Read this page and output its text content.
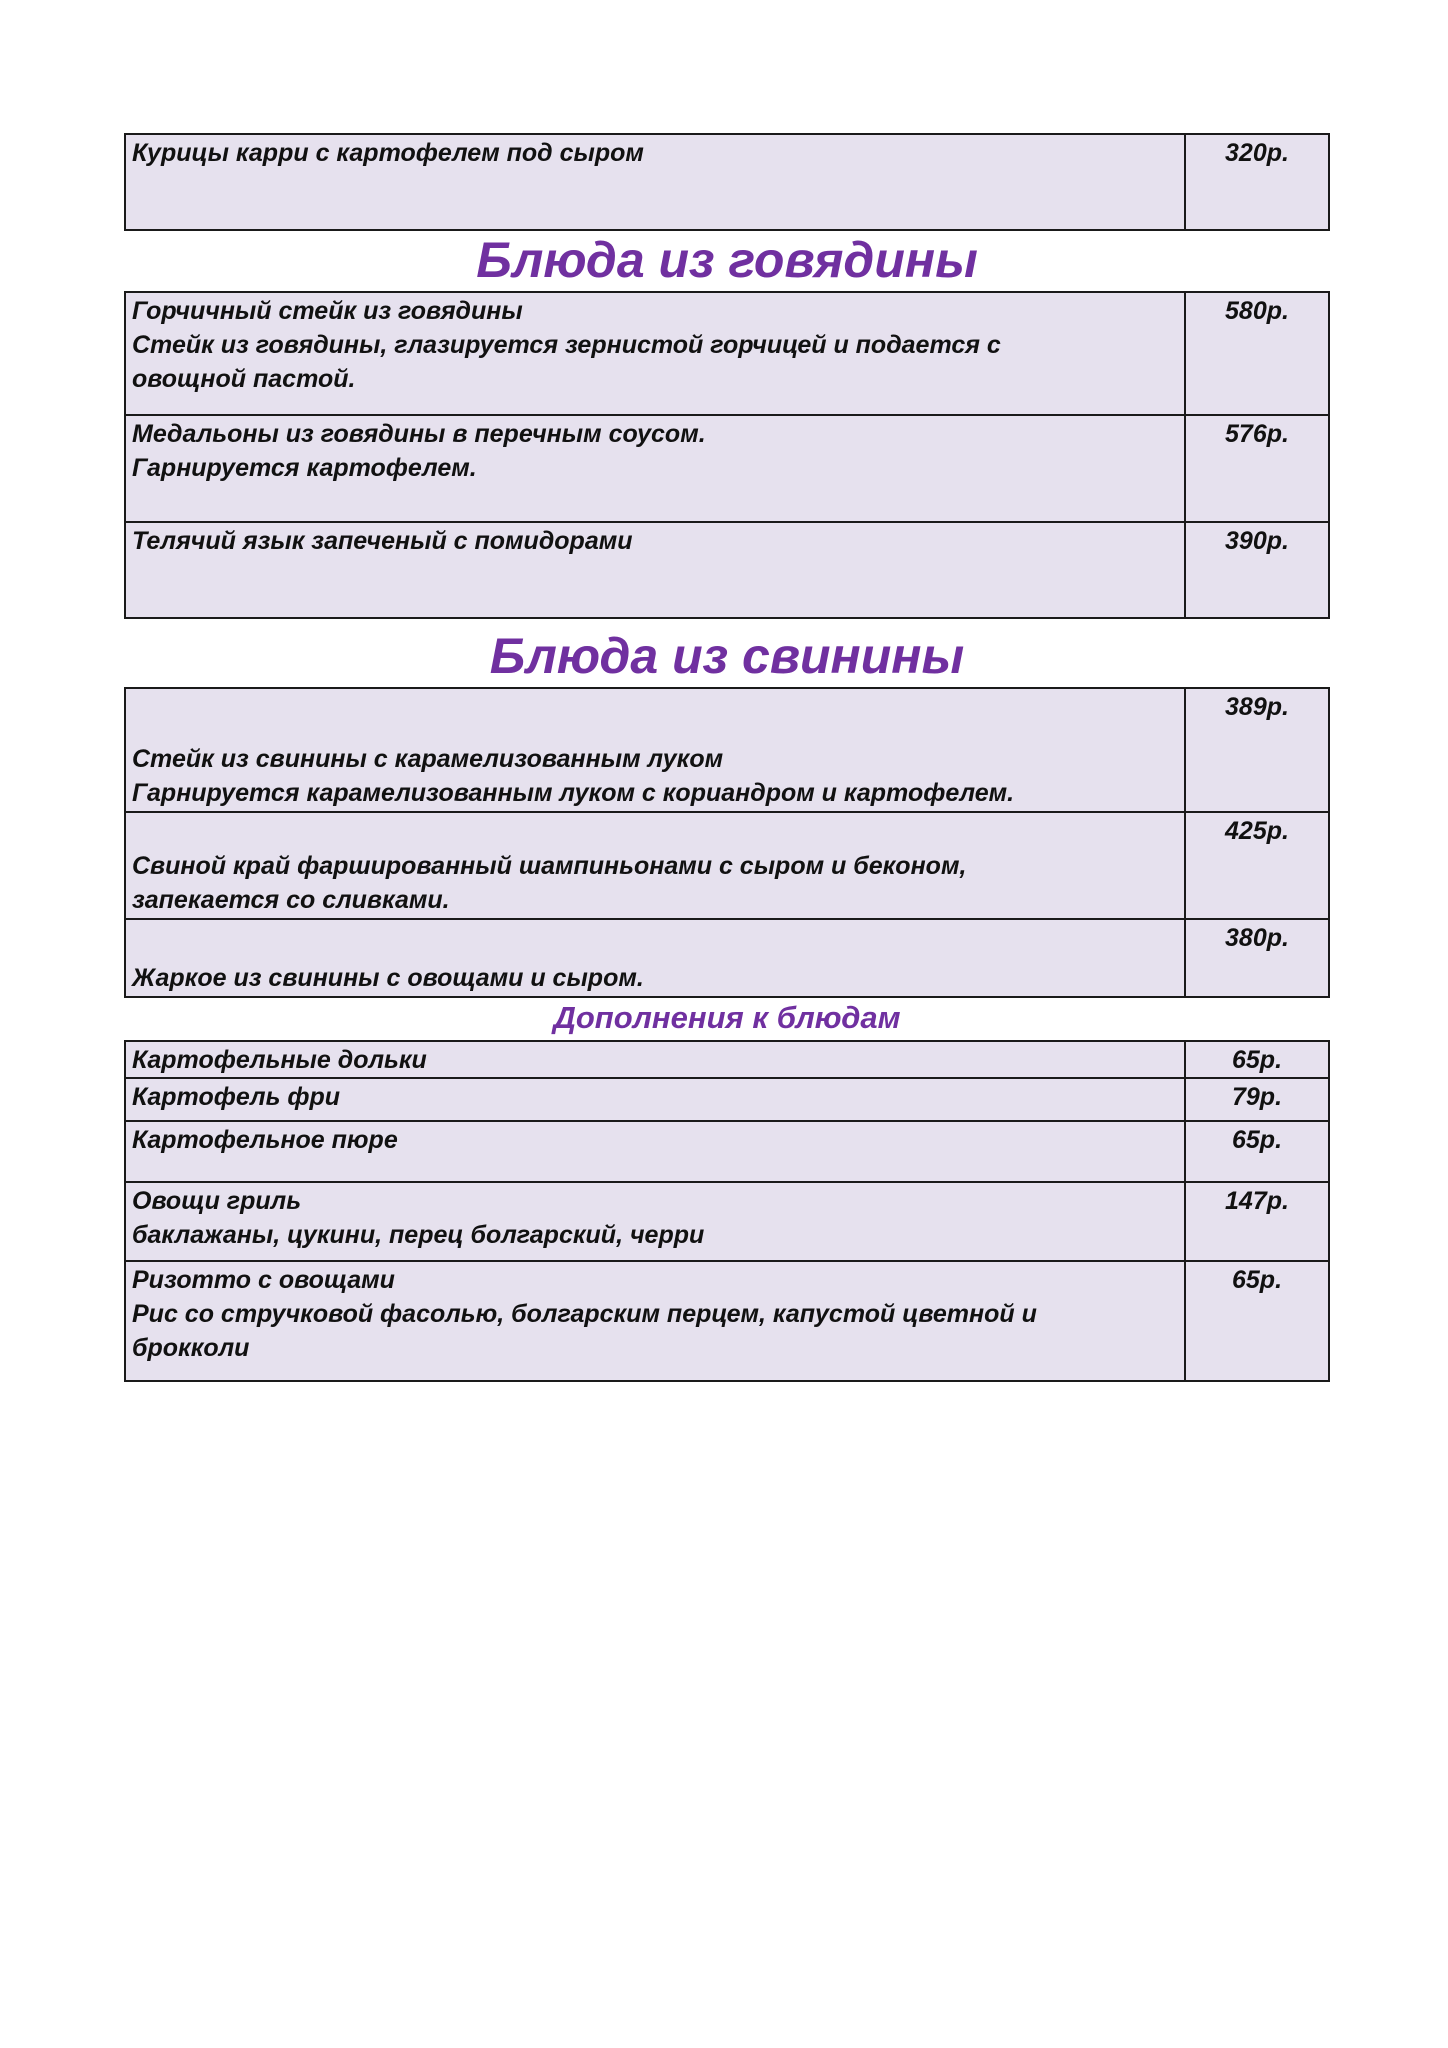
Курицы карри с картофелем под сыром	320р.
Блюда из говядины
Горчичный стейк из говядины
Стейк из говядины, глазируется зернистой горчицей и подается с
овощной пастой.	580р.

Медальоны из говядины в перечным соусом.
Гарнируется картофелем.	576р.

Телячий язык запеченый с помидорами	390р.
Блюда из свинины
Стейк из свинины с карамелизованным луком
Гарнируется карамелизованным луком с кориандром и картофелем.	389р.

Свиной край фаршированный шампиньонами с сыром и беконом,
запекается со сливками.	425р.

Жаркое из свинины с овощами и сыром.	380р.
Дополнения к блюдам
Картофельные дольки	65р.

Картофель фри	79р.

Картофельное пюре	65р.

Овощи гриль
баклажаны, цукини, перец болгарский, черри	147р.

Ризотто с овощами
Рис со стручковой фасолью, болгарским перцем, капустой цветной и
брокколи	65р.
